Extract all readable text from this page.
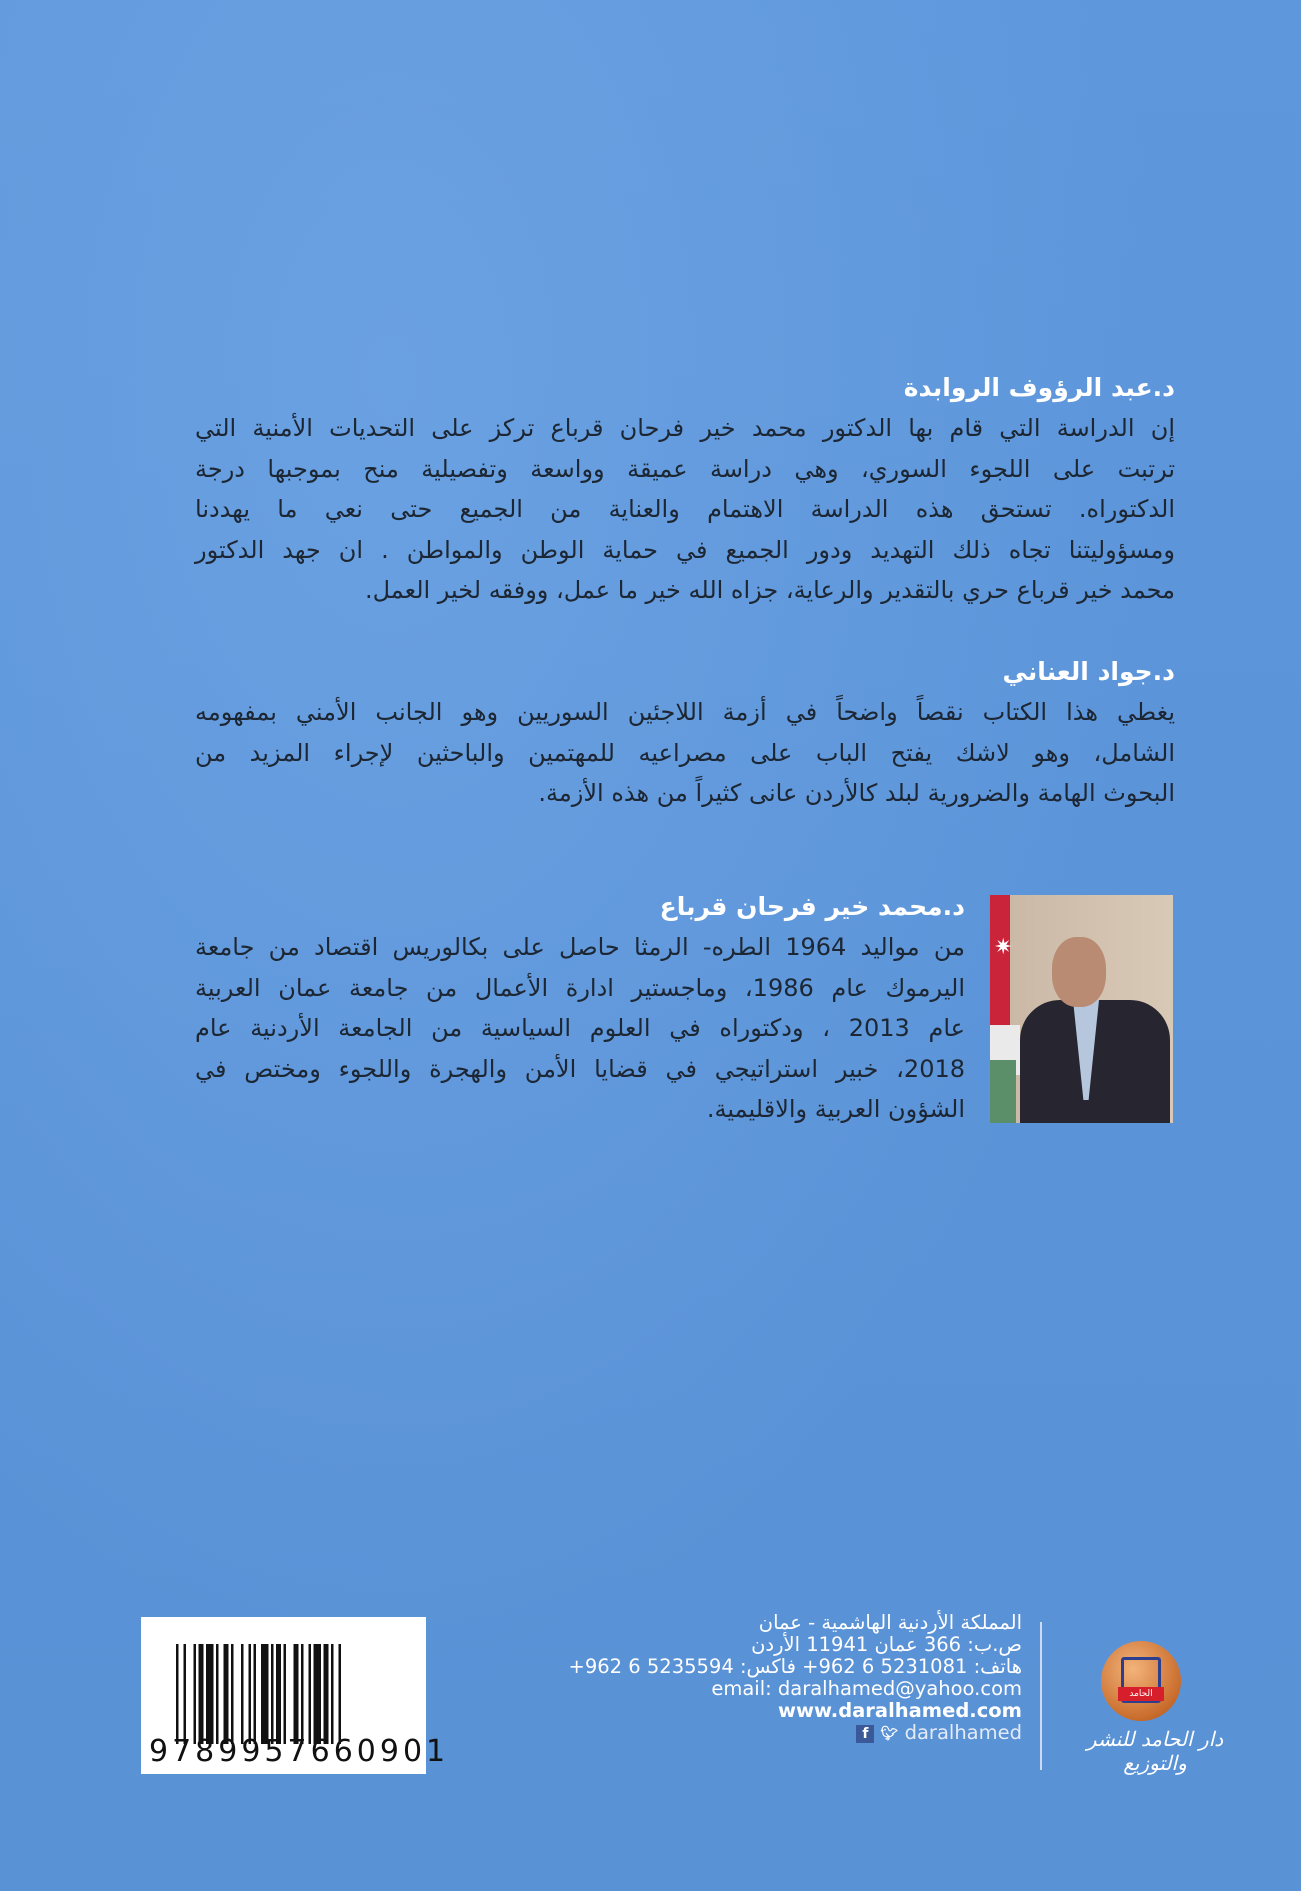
د.عبد الرؤوف الروابدة
إن الدراسة التي قام بها الدكتور محمد خير فرحان قرباع تركز على التحديات الأمنية التي
ترتبت على اللجوء السوري، وهي دراسة عميقة وواسعة وتفصيلية منح بموجبها درجة
الدكتوراه. تستحق هذه الدراسة الاهتمام والعناية من الجميع حتى نعي ما يهددنا
ومسؤوليتنا تجاه ذلك التهديد ودور الجميع في حماية الوطن والمواطن . ان جهد الدكتور
محمد خير قرباع حري بالتقدير والرعاية، جزاه الله خير ما عمل، ووفقه لخير العمل.
د.جواد العناني
يغطي هذا الكتاب نقصاً واضحاً في أزمة اللاجئين السوريين وهو الجانب الأمني بمفهومه
الشامل، وهو لاشك يفتح الباب على مصراعيه للمهتمين والباحثين لإجراء المزيد من
البحوث الهامة والضرورية لبلد كالأردن عانى كثيراً من هذه الأزمة.
✷
د.محمد خير فرحان قرباع
من مواليد 1964 الطره- الرمثا حاصل على بكالوريس اقتصاد من جامعة
اليرموك عام 1986، وماجستير ادارة الأعمال من جامعة عمان العربية
عام 2013 ، ودكتوراه في العلوم السياسية من الجامعة الأردنية عام
2018، خبير استراتيجي في قضايا الأمن والهجرة واللجوء ومختص في
الشؤون العربية والاقليمية.
9789957660901
المملكة الأردنية الهاشمية - عمان
ص.ب: 366 عمان 11941 الأردن
هاتف: 5231081 6 962+ فاكس: 5235594 6 962+
email: daralhamed@yahoo.com
www.daralhamed.com
f 🐦︎ daralhamed
الحامد
دار الحامد للنشر والتوزيع
